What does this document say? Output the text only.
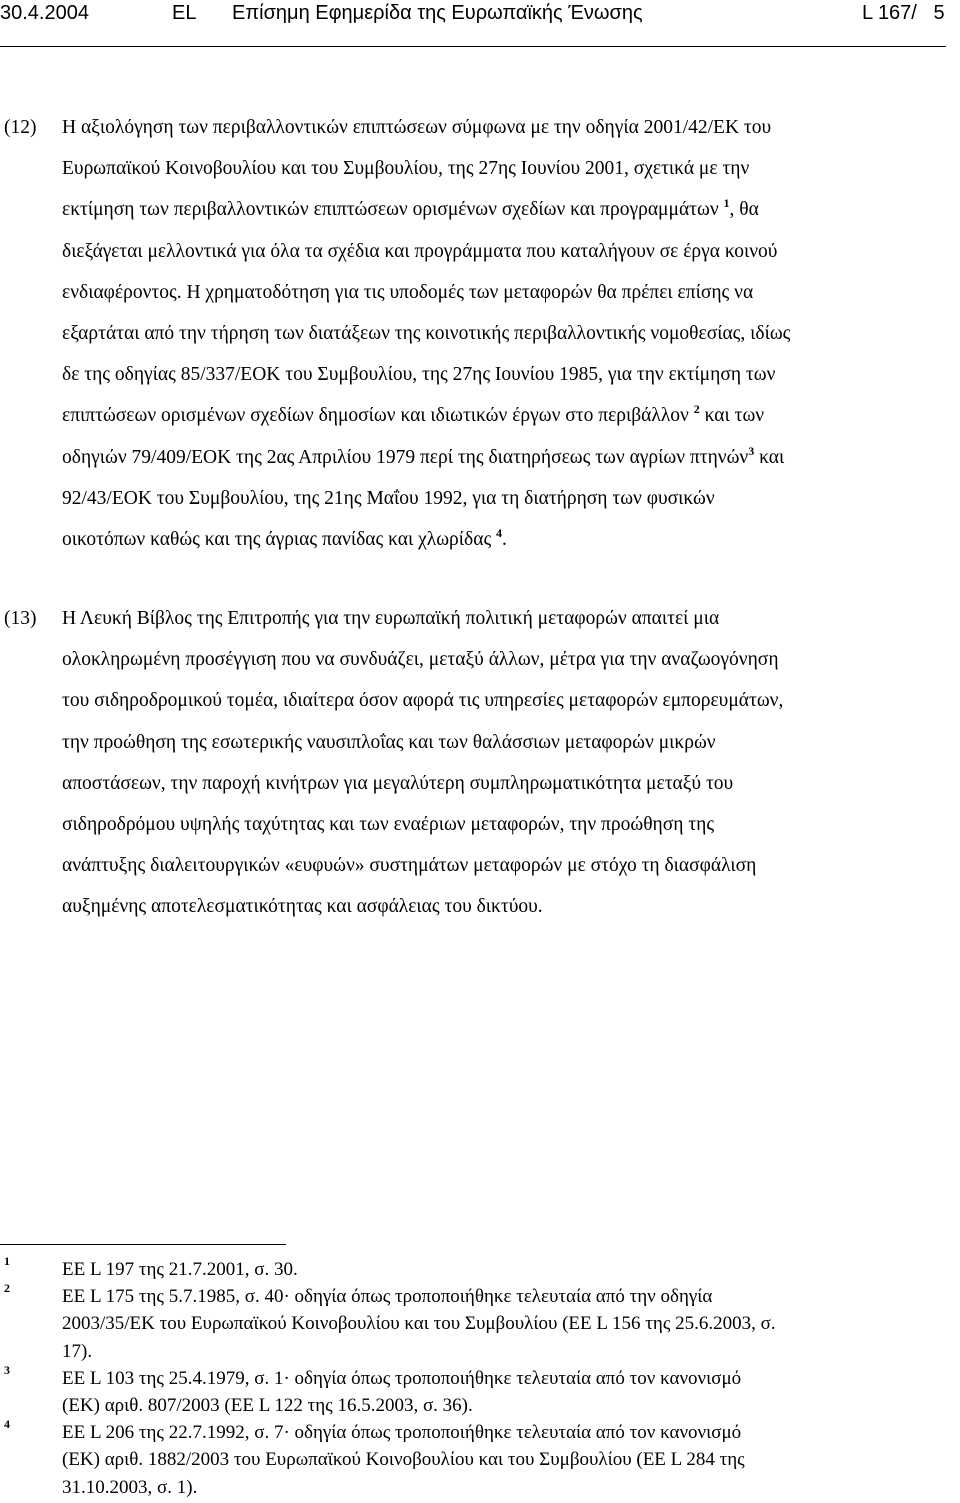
30.4.2004	EL Επίσημη Εφημερίδα της Ευρωπαϊκής Ένωσης	L 167/   5
(12) Η αξιολόγηση των περιβαλλοντικών επιπτώσεων σύμφωνα με την οδηγία 2001/42/ΕΚ του
Ευρωπαϊκού Κοινοβουλίου και του Συμβουλίου, της 27ης Ιουνίου 2001, σχετικά με την
εκτίμηση των περιβαλλοντικών επιπτώσεων ορισμένων σχεδίων και προγραμμάτων $^1$, θα
διεξάγεται μελλοντικά για όλα τα σχέδια και προγράμματα που καταλήγουν σε έργα κοινού
ενδιαφέροντος. Η χρηματοδότηση για τις υποδομές των μεταφορών θα πρέπει επίσης να
εξαρτάται από την τήρηση των διατάξεων της κοινοτικής περιβαλλοντικής νομοθεσίας, ιδίως
δε της οδηγίας 85/337/ΕΟΚ του Συμβουλίου, της 27ης Ιουνίου 1985, για την εκτίμηση των
επιπτώσεων ορισμένων σχεδίων δημοσίων και ιδιωτικών έργων στο περιβάλλον $^2$ και των
οδηγιών 79/409/ΕΟΚ της 2ας Απριλίου 1979 περί της διατηρήσεως των αγρίων πτηνών$^3$ και
92/43/ΕΟΚ του Συμβουλίου, της 21ης Μαΐου 1992, για τη διατήρηση των φυσικών
οικοτόπων καθώς και της άγριας πανίδας και χλωρίδας $^4$.
(13) Η Λευκή Βίβλος της Επιτροπής για την ευρωπαϊκή πολιτική μεταφορών απαιτεί μια
ολοκληρωμένη προσέγγιση που να συνδυάζει, μεταξύ άλλων, μέτρα για την αναζωογόνηση
του σιδηροδρομικού τομέα, ιδιαίτερα όσον αφορά τις υπηρεσίες μεταφορών εμπορευμάτων,
την προώθηση της εσωτερικής ναυσιπλοΐας και των θαλάσσιων μεταφορών μικρών
αποστάσεων, την παροχή κινήτρων για μεγαλύτερη συμπληρωματικότητα μεταξύ του
σιδηροδρόμου υψηλής ταχύτητας και των εναέριων μεταφορών, την προώθηση της
ανάπτυξης διαλειτουργικών «ευφυών» συστημάτων μεταφορών με στόχο τη διασφάλιση
αυξημένης αποτελεσματικότητας και ασφάλειας του δικτύου.
1	ΕΕ L 197 της 21.7.2001, σ. 30.
2	ΕΕ L 175 της 5.7.1985, σ. 40· οδηγία όπως τροποποιήθηκε τελευταία από την οδηγία
2003/35/ΕΚ του Ευρωπαϊκού Κοινοβουλίου και του Συμβουλίου (ΕΕ L 156 της 25.6.2003, σ.
17).
3	ΕΕ L 103 της 25.4.1979, σ. 1· οδηγία όπως τροποποιήθηκε τελευταία από τον κανονισμό
(ΕΚ) αριθ. 807/2003 (ΕΕ L 122 της 16.5.2003, σ. 36).
4	ΕΕ L 206 της 22.7.1992, σ. 7· οδηγία όπως τροποποιήθηκε τελευταία από τον κανονισμό
(ΕΚ) αριθ. 1882/2003 του Ευρωπαϊκού Κοινοβουλίου και του Συμβουλίου (ΕΕ L 284 της
31.10.2003, σ. 1).
